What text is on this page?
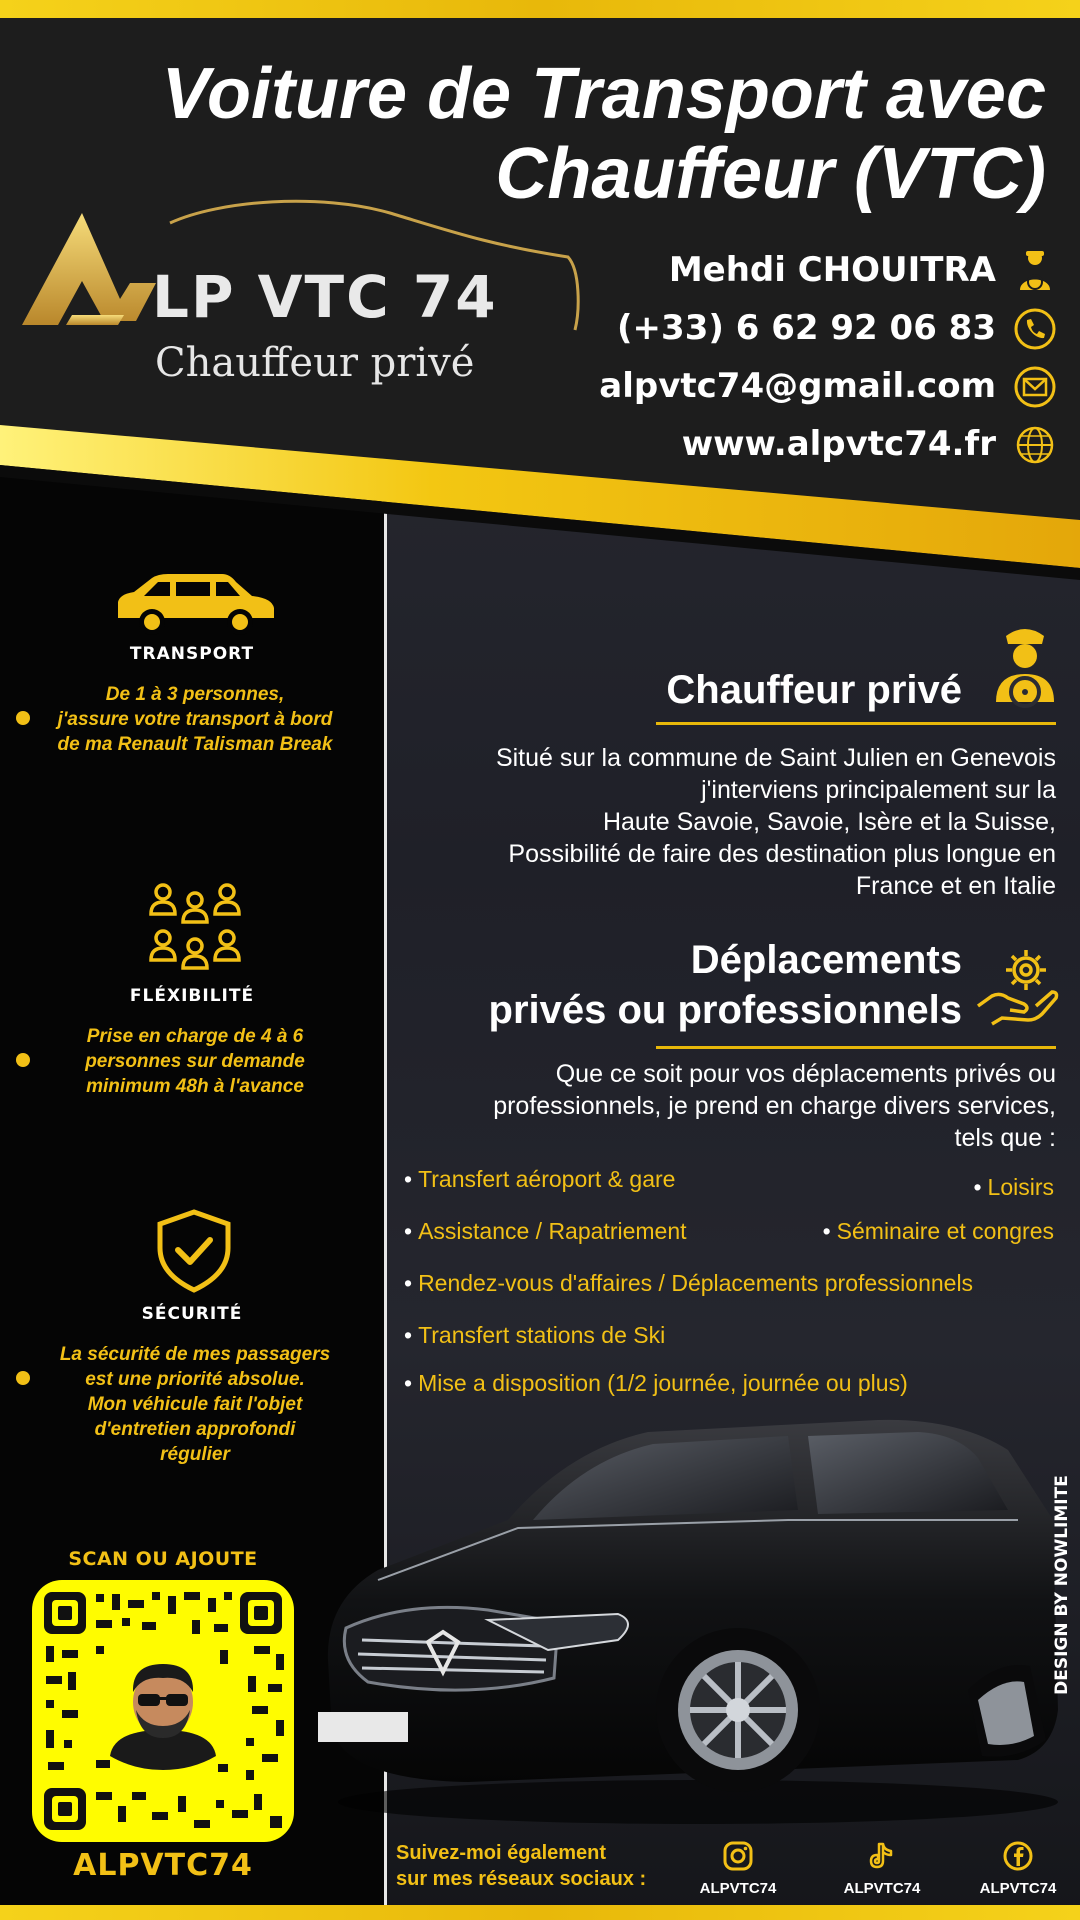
Voiture de Transport avec
Chauffeur (VTC)
LP VTC 74
Chauffeur privé
Mehdi CHOUITRA
(+33) 6 62 92 06 83
alpvtc74@gmail.com
www.alpvtc74.fr
TRANSPORT
De 1 à 3 personnes,
j'assure votre transport à bord
de ma Renault Talisman Break
FLÉXIBILITÉ
Prise en charge de 4 à 6
personnes sur demande
minimum 48h à l'avance
SÉCURITÉ
La sécurité de mes passagers
est une priorité absolue.
Mon véhicule fait l'objet
d'entretien approfondi
régulier
SCAN OU AJOUTE
ALPVTC74
Chauffeur privé
Situé sur la commune de Saint Julien en Genevois
j'interviens principalement sur la
Haute Savoie, Savoie, Isère et la Suisse,
Possibilité de faire des destination plus longue en
France et en Italie
Déplacements
privés ou professionnels
Que ce soit pour vos déplacements privés ou
professionnels, je prend en charge divers services,
tels que :
• Transfert aéroport & gare	• Loisirs
• Assistance / Rapatriement	• Séminaire et congres
• Rendez-vous d'affaires / Déplacements professionnels
• Transfert stations de Ski
• Mise a disposition (1/2 journée, journée ou plus)
DESIGN BY NOWLIMITE
Suivez-moi également
sur mes réseaux sociaux :	ALPVTC74	ALPVTC74	ALPVTC74
